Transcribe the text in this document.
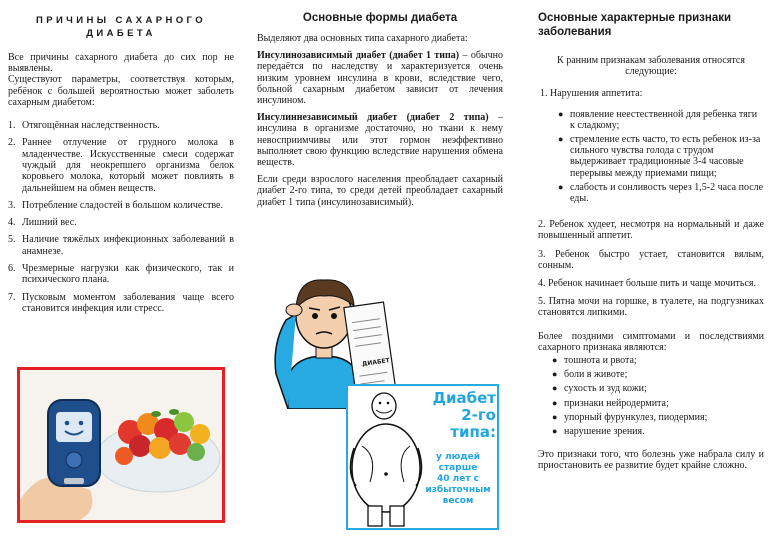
ПРИЧИНЫ САХАРНОГО
ДИАБЕТА
Все причины сахарного диабета до сих пор не выявлены.
Существуют параметры, соответствуя которым, ребёнок с большей вероятностью может заболеть сахарным диабетом:
1. Отягощённая наследственность.
2. Раннее отлучение от грудного молока в младенчестве. Искусственные смеси содержат чуждый для неокрепшего организма белок коровьего молока, который может повлиять в дальнейшем на обмен веществ.
3. Потребление сладостей в большом количестве.
4. Лишний вес.
5. Наличие тяжёлых инфекционных заболеваний в анамнезе.
6. Чрезмерные нагрузки как физического, так и психического плана.
7. Пусковым моментом заболевания чаще всего становится инфекция или стресс.
Основные формы диабета
Выделяют два основных типа сахарного диабета:
Инсулинозависимый диабет (диабет 1 типа) – обычно передаётся по наследству и характеризуется очень низким уровнем инсулина в крови, вследствие чего, больной сахарным диабетом зависит от лечения инсулином.
Инсулиннезависимый диабет (диабет 2 типа) – инсулина в организме достаточно, но ткани к нему невосприимчивы или этот гормон неэффективно выполняет свою функцию вследствие нарушения обмена веществ.
Если среди взрослого населения преобладает сахарный диабет 2-го типа, то среди детей преобладает сахарный диабет 1 типа (инсулинозависимый).
ДИАБЕТ
Диабет
2-го типа:
у людей
старше
40 лет с
избыточным
весом
Основные характерные признаки
заболевания
К ранним признакам заболевания относятся следующие:
1. Нарушения аппетита:
● появление неестественной для ребенка тяги к сладкому;
● стремление есть часто, то есть ребенок из-за сильного чувства голода с трудом выдерживает традиционные 3-4 часовые перерывы между приемами пищи;
● слабость и сонливость через 1,5-2 часа после еды.
2. Ребенок худеет, несмотря на нормальный и даже повышенный аппетит.
3. Ребенок быстро устает, становится вялым, сонным.
4. Ребенок начинает больше пить и чаще мочиться.
5. Пятна мочи на горшке, в туалете, на подгузниках становятся липкими.
Более поздними симптомами и последствиями сахарного признака являются:
● тошнота и рвота;
● боли в животе;
● сухость и зуд кожи;
● признаки нейродермита;
● упорный фурункулез, пиодермия;
● нарушение зрения.
Это признаки того, что болезнь уже набрала силу и приостановить ее развитие будет крайне сложно.
